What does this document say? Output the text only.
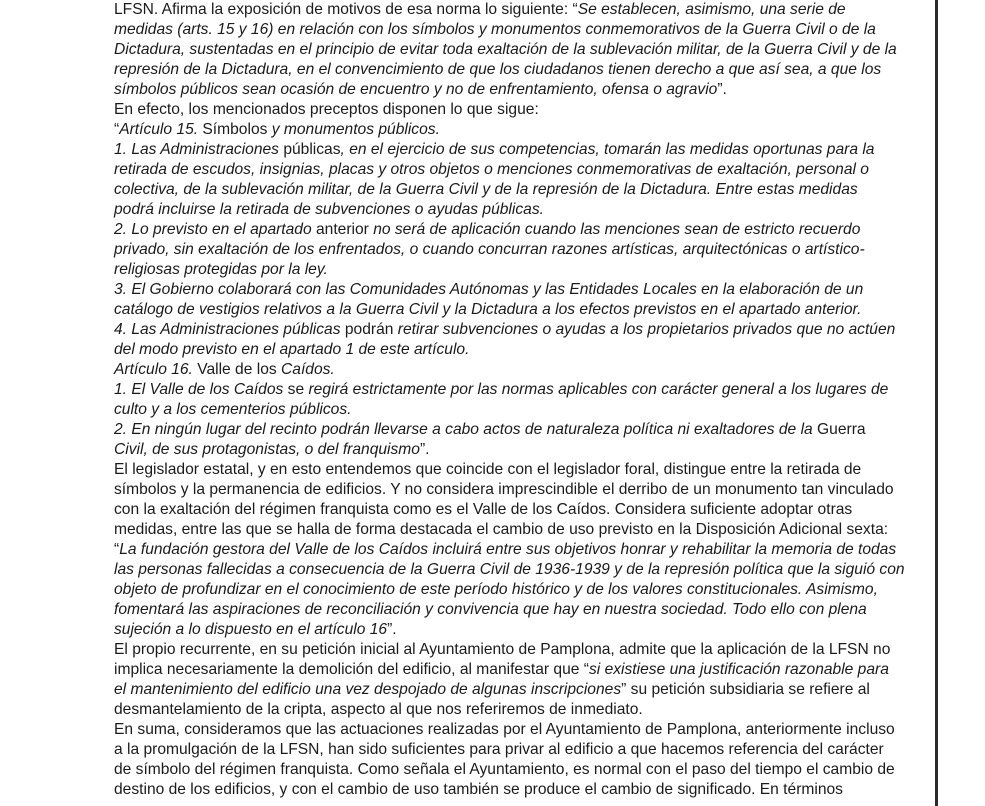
LFSN. Afirma la exposición de motivos de esa norma lo siguiente: “Se establecen, asimismo, una serie de
medidas (arts. 15 y 16) en relación con los símbolos y monumentos conmemorativos de la Guerra Civil o de la
Dictadura, sustentadas en el principio de evitar toda exaltación de la sublevación militar, de la Guerra Civil y de la
represión de la Dictadura, en el convencimiento de que los ciudadanos tienen derecho a que así sea, a que los
símbolos públicos sean ocasión de encuentro y no de enfrentamiento, ofensa o agravio”.
En efecto, los mencionados preceptos disponen lo que sigue:
“Artículo 15. Símbolos y monumentos públicos.
1. Las Administraciones públicas, en el ejercicio de sus competencias, tomarán las medidas oportunas para la
retirada de escudos, insignias, placas y otros objetos o menciones conmemorativas de exaltación, personal o
colectiva, de la sublevación militar, de la Guerra Civil y de la represión de la Dictadura. Entre estas medidas
podrá incluirse la retirada de subvenciones o ayudas públicas.
2. Lo previsto en el apartado anterior no será de aplicación cuando las menciones sean de estricto recuerdo
privado, sin exaltación de los enfrentados, o cuando concurran razones artísticas, arquitectónicas o artístico-
religiosas protegidas por la ley.
3. El Gobierno colaborará con las Comunidades Autónomas y las Entidades Locales en la elaboración de un
catálogo de vestigios relativos a la Guerra Civil y la Dictadura a los efectos previstos en el apartado anterior.
4. Las Administraciones públicas podrán retirar subvenciones o ayudas a los propietarios privados que no actúen
del modo previsto en el apartado 1 de este artículo.
Artículo 16. Valle de los Caídos.
1. El Valle de los Caídos se regirá estrictamente por las normas aplicables con carácter general a los lugares de
culto y a los cementerios públicos.
2. En ningún lugar del recinto podrán llevarse a cabo actos de naturaleza política ni exaltadores de la Guerra
Civil, de sus protagonistas, o del franquismo”.
El legislador estatal, y en esto entendemos que coincide con el legislador foral, distingue entre la retirada de
símbolos y la permanencia de edificios. Y no considera imprescindible el derribo de un monumento tan vinculado
con la exaltación del régimen franquista como es el Valle de los Caídos. Considera suficiente adoptar otras
medidas, entre las que se halla de forma destacada el cambio de uso previsto en la Disposición Adicional sexta:
“La fundación gestora del Valle de los Caídos incluirá entre sus objetivos honrar y rehabilitar la memoria de todas
las personas fallecidas a consecuencia de la Guerra Civil de 1936-1939 y de la represión política que la siguió con
objeto de profundizar en el conocimiento de este período histórico y de los valores constitucionales. Asimismo,
fomentará las aspiraciones de reconciliación y convivencia que hay en nuestra sociedad. Todo ello con plena
sujeción a lo dispuesto en el artículo 16”.
El propio recurrente, en su petición inicial al Ayuntamiento de Pamplona, admite que la aplicación de la LFSN no
implica necesariamente la demolición del edificio, al manifestar que “si existiese una justificación razonable para
el mantenimiento del edificio una vez despojado de algunas inscripciones” su petición subsidiaria se refiere al
desmantelamiento de la cripta, aspecto al que nos referiremos de inmediato.
En suma, consideramos que las actuaciones realizadas por el Ayuntamiento de Pamplona, anteriormente incluso
a la promulgación de la LFSN, han sido suficientes para privar al edificio a que hacemos referencia del carácter
de símbolo del régimen franquista. Como señala el Ayuntamiento, es normal con el paso del tiempo el cambio de
destino de los edificios, y con el cambio de uso también se produce el cambio de significado. En términos
